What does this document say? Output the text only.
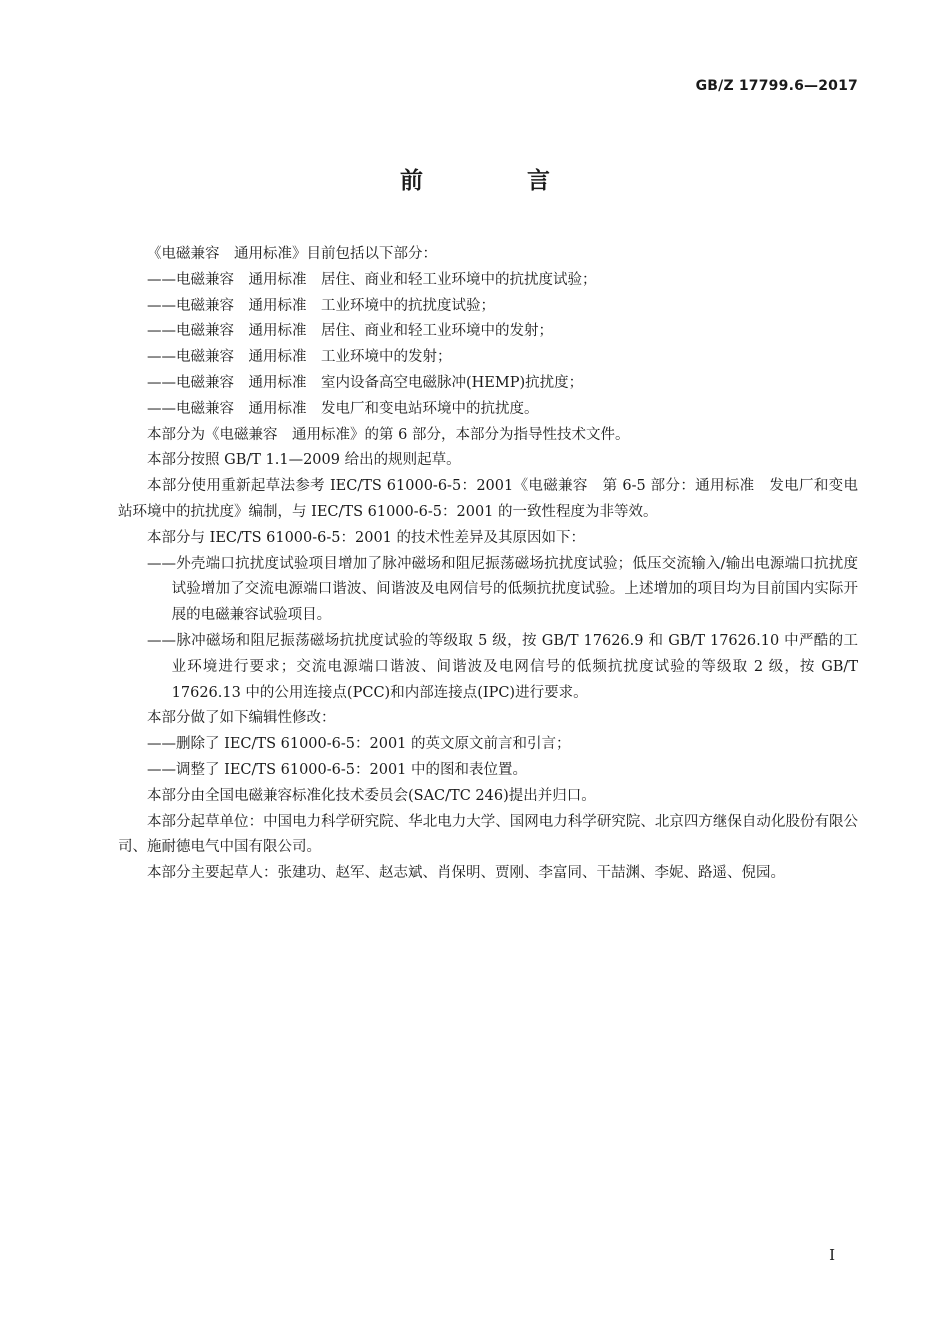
GB/Z 17799.6—2017
前 言

《电磁兼容　通用标准》目前包括以下部分：

——电磁兼容　通用标准　居住、商业和轻工业环境中的抗扰度试验；

——电磁兼容　通用标准　工业环境中的抗扰度试验；

——电磁兼容　通用标准　居住、商业和轻工业环境中的发射；

——电磁兼容　通用标准　工业环境中的发射；

——电磁兼容　通用标准　室内设备高空电磁脉冲(HEMP)抗扰度；

——电磁兼容　通用标准　发电厂和变电站环境中的抗扰度。

本部分为《电磁兼容　通用标准》的第 6 部分，本部分为指导性技术文件。

本部分按照 GB/T 1.1—2009 给出的规则起草。

本部分使用重新起草法参考 IEC/TS 61000-6-5：2001《电磁兼容　第 6-5 部分：通用标准　发电厂和变电站环境中的抗扰度》编制，与 IEC/TS 61000-6-5：2001 的一致性程度为非等效。

本部分与 IEC/TS 61000-6-5：2001 的技术性差异及其原因如下：

——外壳端口抗扰度试验项目增加了脉冲磁场和阻尼振荡磁场抗扰度试验；低压交流输入/输出电源端口抗扰度试验增加了交流电源端口谐波、间谐波及电网信号的低频抗扰度试验。上述增加的项目均为目前国内实际开展的电磁兼容试验项目。

——脉冲磁场和阻尼振荡磁场抗扰度试验的等级取 5 级，按 GB/T 17626.9 和 GB/T 17626.10 中严酷的工业环境进行要求；交流电源端口谐波、间谐波及电网信号的低频抗扰度试验的等级取 2 级，按 GB/T 17626.13 中的公用连接点(PCC)和内部连接点(IPC)进行要求。

本部分做了如下编辑性修改：

——删除了 IEC/TS 61000-6-5：2001 的英文原文前言和引言；

——调整了 IEC/TS 61000-6-5：2001 中的图和表位置。

本部分由全国电磁兼容标准化技术委员会(SAC/TC 246)提出并归口。

本部分起草单位：中国电力科学研究院、华北电力大学、国网电力科学研究院、北京四方继保自动化股份有限公司、施耐德电气中国有限公司。

本部分主要起草人：张建功、赵军、赵志斌、肖保明、贾刚、李富同、干喆渊、李妮、路遥、倪园。

I
